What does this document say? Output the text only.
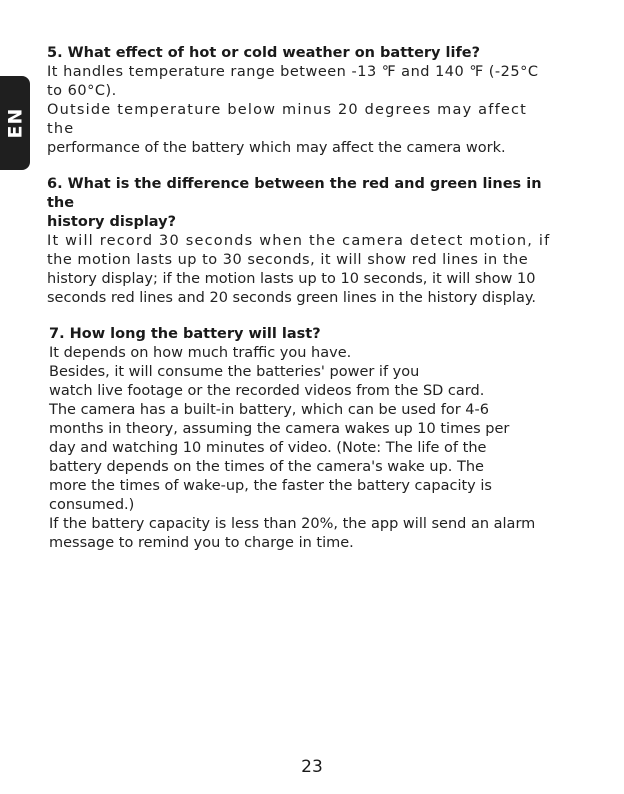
EN

5. What effect of hot or cold weather on battery life?

It handles temperature range between -13 ℉ and 140 ℉ (-25°C

to 60°C).

Outside temperature below minus 20 degrees may affect the

performance of the battery which may affect the camera work.

6. What is the difference between the red and green lines in the

history display?

It will record 30 seconds when the camera detect motion, if

the motion lasts up to 30 seconds, it will show red lines in the

history display; if the motion lasts up to 10 seconds, it will show 10

seconds red lines and 20 seconds green lines in the history display.

7. How long the battery will last?

It depends on how much traffic you have.

Besides, it will consume the batteries' power if you

watch live footage or the recorded videos from the SD card.

The camera has a built-in battery, which can be used for 4-6

months in theory, assuming the camera wakes up 10 times per

day and watching 10 minutes of video. (Note: The life of the

battery depends on the times of the camera's wake up. The

more the times of wake-up, the faster the battery capacity is

consumed.)

If the battery capacity is less than 20%, the app will send an alarm

message to remind you to charge in time.

23
